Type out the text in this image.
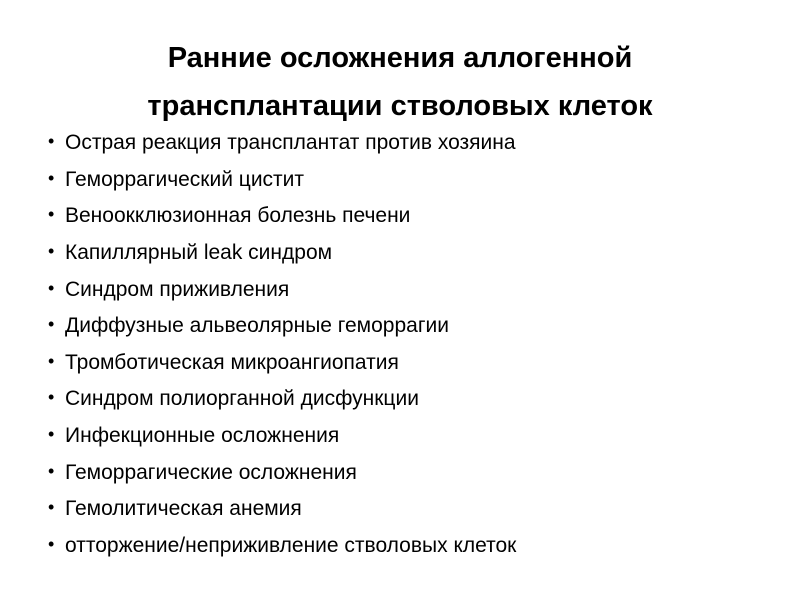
Ранние осложнения аллогенной
трансплантации стволовых клеток
• Острая реакция трансплантат против хозяина
• Геморрагический цистит
• Веноокклюзионная болезнь печени
• Капиллярный leak синдром
• Синдром приживления
• Диффузные альвеолярные геморрагии
• Тромботическая микроангиопатия
• Синдром полиорганной дисфункции
• Инфекционные осложнения
• Геморрагические осложнения
• Гемолитическая анемия
• отторжение/неприживление стволовых клеток
